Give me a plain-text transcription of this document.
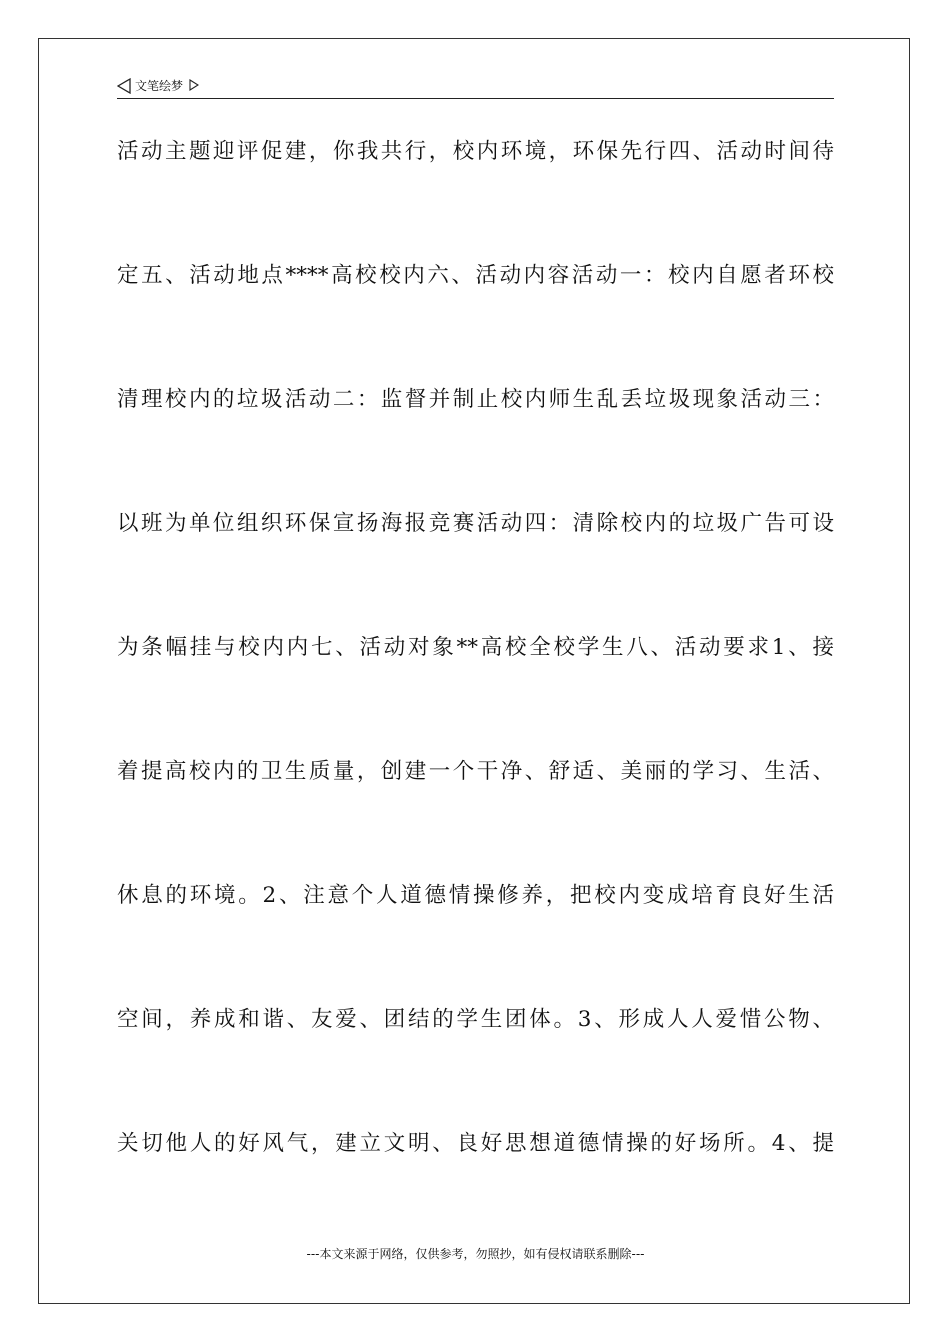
文笔绘梦
活动主题迎评促建，你我共行，校内环境，环保先行四、活动时间待
定五、活动地点****高校校内六、活动内容活动一：校内自愿者环校
清理校内的垃圾活动二：监督并制止校内师生乱丢垃圾现象活动三：
以班为单位组织环保宣扬海报竞赛活动四：清除校内的垃圾广告可设
为条幅挂与校内内七、活动对象**高校全校学生八、活动要求1、接
着提高校内的卫生质量，创建一个干净、舒适、美丽的学习、生活、
休息的环境。2、注意个人道德情操修养，把校内变成培育良好生活
空间，养成和谐、友爱、团结的学生团体。3、形成人人爱惜公物、
关切他人的好风气，建立文明、良好思想道德情操的好场所。4、提
---本文来源于网络，仅供参考，勿照抄，如有侵权请联系删除---
